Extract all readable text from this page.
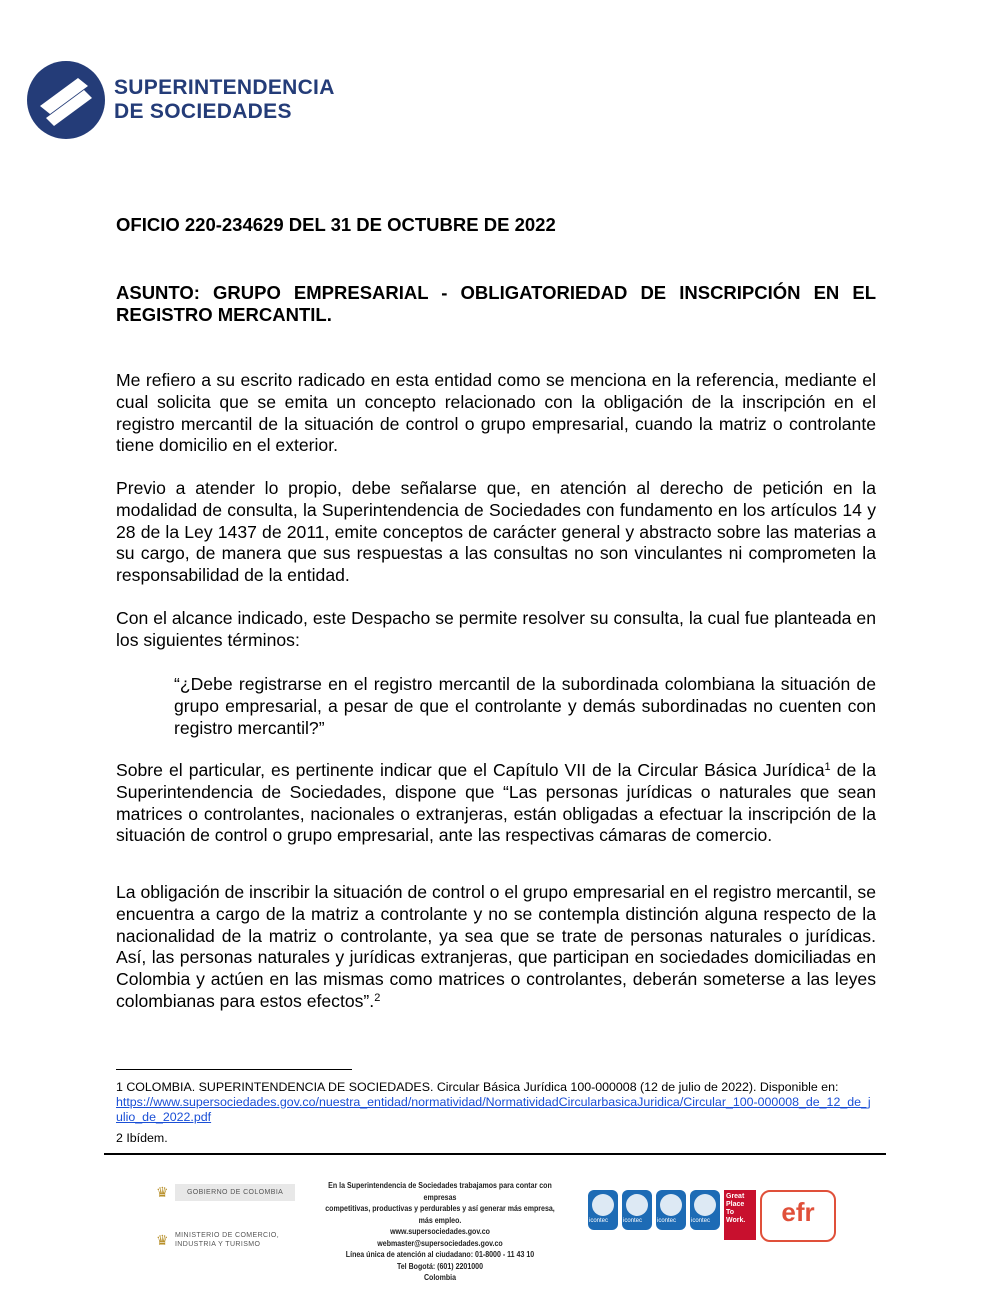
SUPERINTENDENCIA
DE SOCIEDADES
OFICIO 220-234629 DEL 31 DE OCTUBRE DE 2022
ASUNTO: GRUPO EMPRESARIAL - OBLIGATORIEDAD DE INSCRIPCIÓN EN EL REGISTRO MERCANTIL.

Me refiero a su escrito radicado en esta entidad como se menciona en la referencia, mediante el cual solicita que se emita un concepto relacionado con la obligación de la inscripción en el registro mercantil de la situación de control o grupo empresarial, cuando la matriz o controlante tiene domicilio en el exterior.

Previo a atender lo propio, debe señalarse que, en atención al derecho de petición en la modalidad de consulta, la Superintendencia de Sociedades con fundamento en los artículos 14 y 28 de la Ley 1437 de 2011, emite conceptos de carácter general y abstracto sobre las materias a su cargo, de manera que sus respuestas a las consultas no son vinculantes ni comprometen la responsabilidad de la entidad.

Con el alcance indicado, este Despacho se permite resolver su consulta, la cual fue planteada en los siguientes términos:

“¿Debe registrarse en el registro mercantil de la subordinada colombiana la situación de grupo empresarial, a pesar de que el controlante y demás subordinadas no cuenten con registro mercantil?”

Sobre el particular, es pertinente indicar que el Capítulo VII de la Circular Básica Jurídica$^1$ de la Superintendencia de Sociedades, dispone que “Las personas jurídicas o naturales que sean matrices o controlantes, nacionales o extranjeras, están obligadas a efectuar la inscripción de la situación de control o grupo empresarial, ante las respectivas cámaras de comercio.

La obligación de inscribir la situación de control o el grupo empresarial en el registro mercantil, se encuentra a cargo de la matriz a controlante y no se contempla distinción alguna respecto de la nacionalidad de la matriz o controlante, ya sea que se trate de personas naturales o jurídicas. Así, las personas naturales y jurídicas extranjeras, que participan en sociedades domiciliadas en Colombia y actúen en las mismas como matrices o controlantes, deberán someterse a las leyes colombianas para estos efectos”.$^2$

1 COLOMBIA. SUPERINTENDENCIA DE SOCIEDADES. Circular Básica Jurídica 100-000008 (12 de julio de 2022). Disponible en:
https://www.supersociedades.gov.co/nuestra_entidad/normatividad/NormatividadCircularbasicaJuridica/Circular_100-000008_de_12_de_julio_de_2022.pdf

2 Ibídem.

♛	GOBIERNO DE COLOMBIA
♛ MINISTERIO DE COMERCIO, INDUSTRIA Y TURISMO
En la Superintendencia de Sociedades trabajamos para contar con empresas
competitivas, productivas y perdurables y así generar más empresa, más empleo.
www.supersociedades.gov.co
webmaster@supersociedades.gov.co
Línea única de atención al ciudadano: 01-8000 - 11 43 10
Tel Bogotá: (601) 2201000
Colombia
icontec icontec icontec icontec
Great Place To Work.	efr
